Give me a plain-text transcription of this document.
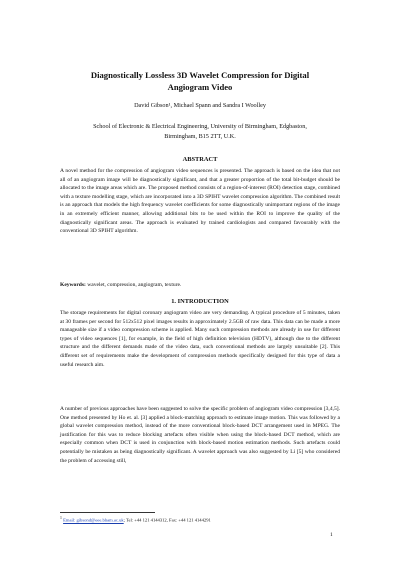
Diagnostically Lossless 3D Wavelet Compression for Digital
Angiogram Video
David Gibson¹, Michael Spann and Sandra I Woolley
School of Electronic & Electrical Engineering, University of Birmingham, Edgbaston,
Birmingham, B15 2TT, U.K.
ABSTRACT
A novel method for the compression of angiogram video sequences is presented. The approach is based on the idea that not all of an angiogram image will be diagnostically significant, and that a greater proportion of the total bit-budget should be allocated to the image areas which are. The proposed method consists of a region-of-interest (ROI) detection stage, combined with a texture modelling stage, which are incorporated into a 3D SPIHT wavelet compression algorithm. The combined result is an approach that models the high frequency wavelet coefficients for some diagnostically unimportant regions of the image in an extremely efficient manner, allowing additional bits to be used within the ROI to improve the quality of the diagnostically significant areas. The approach is evaluated by trained cardiologists and compared favourably with the conventional 3D SPIHT algorithm.
Keywords: wavelet, compression, angiogram, texture.
1. INTRODUCTION
The storage requirements for digital coronary angiogram video are very demanding. A typical procedure of 5 minutes, taken at 30 frames per second for 512x512 pixel images results in approximately 2.5GB of raw data. This data can be made a more manageable size if a video compression scheme is applied. Many such compression methods are already in use for different types of video sequences [1], for example, in the field of high definition television (HDTV), although due to the different structure and the different demands made of the video data, such conventional methods are largely unsuitable [2]. This different set of requirements make the development of compression methods specifically designed for this type of data a useful research aim.
A number of previous approaches have been suggested to solve the specific problem of angiogram video compression [3,4,5]. One method presented by Ho et. al. [3] applied a block-matching approach to estimate image motion. This was followed by a global wavelet compression method, instead of the more conventional block-based DCT arrangement used in MPEG. The justification for this was to reduce blocking artefacts often visible when using the block-based DCT method, which are especially common when DCT is used in conjunction with block-based motion estimation methods. Such artefacts could potentially be mistaken as being diagnostically significant. A wavelet approach was also suggested by Li [5] who considered the problem of accessing still,
$^1$ Email: gibsond@eee.bham.ac.uk; Tel: +44 121 4144312, Fax: +44 121 4144291
1
